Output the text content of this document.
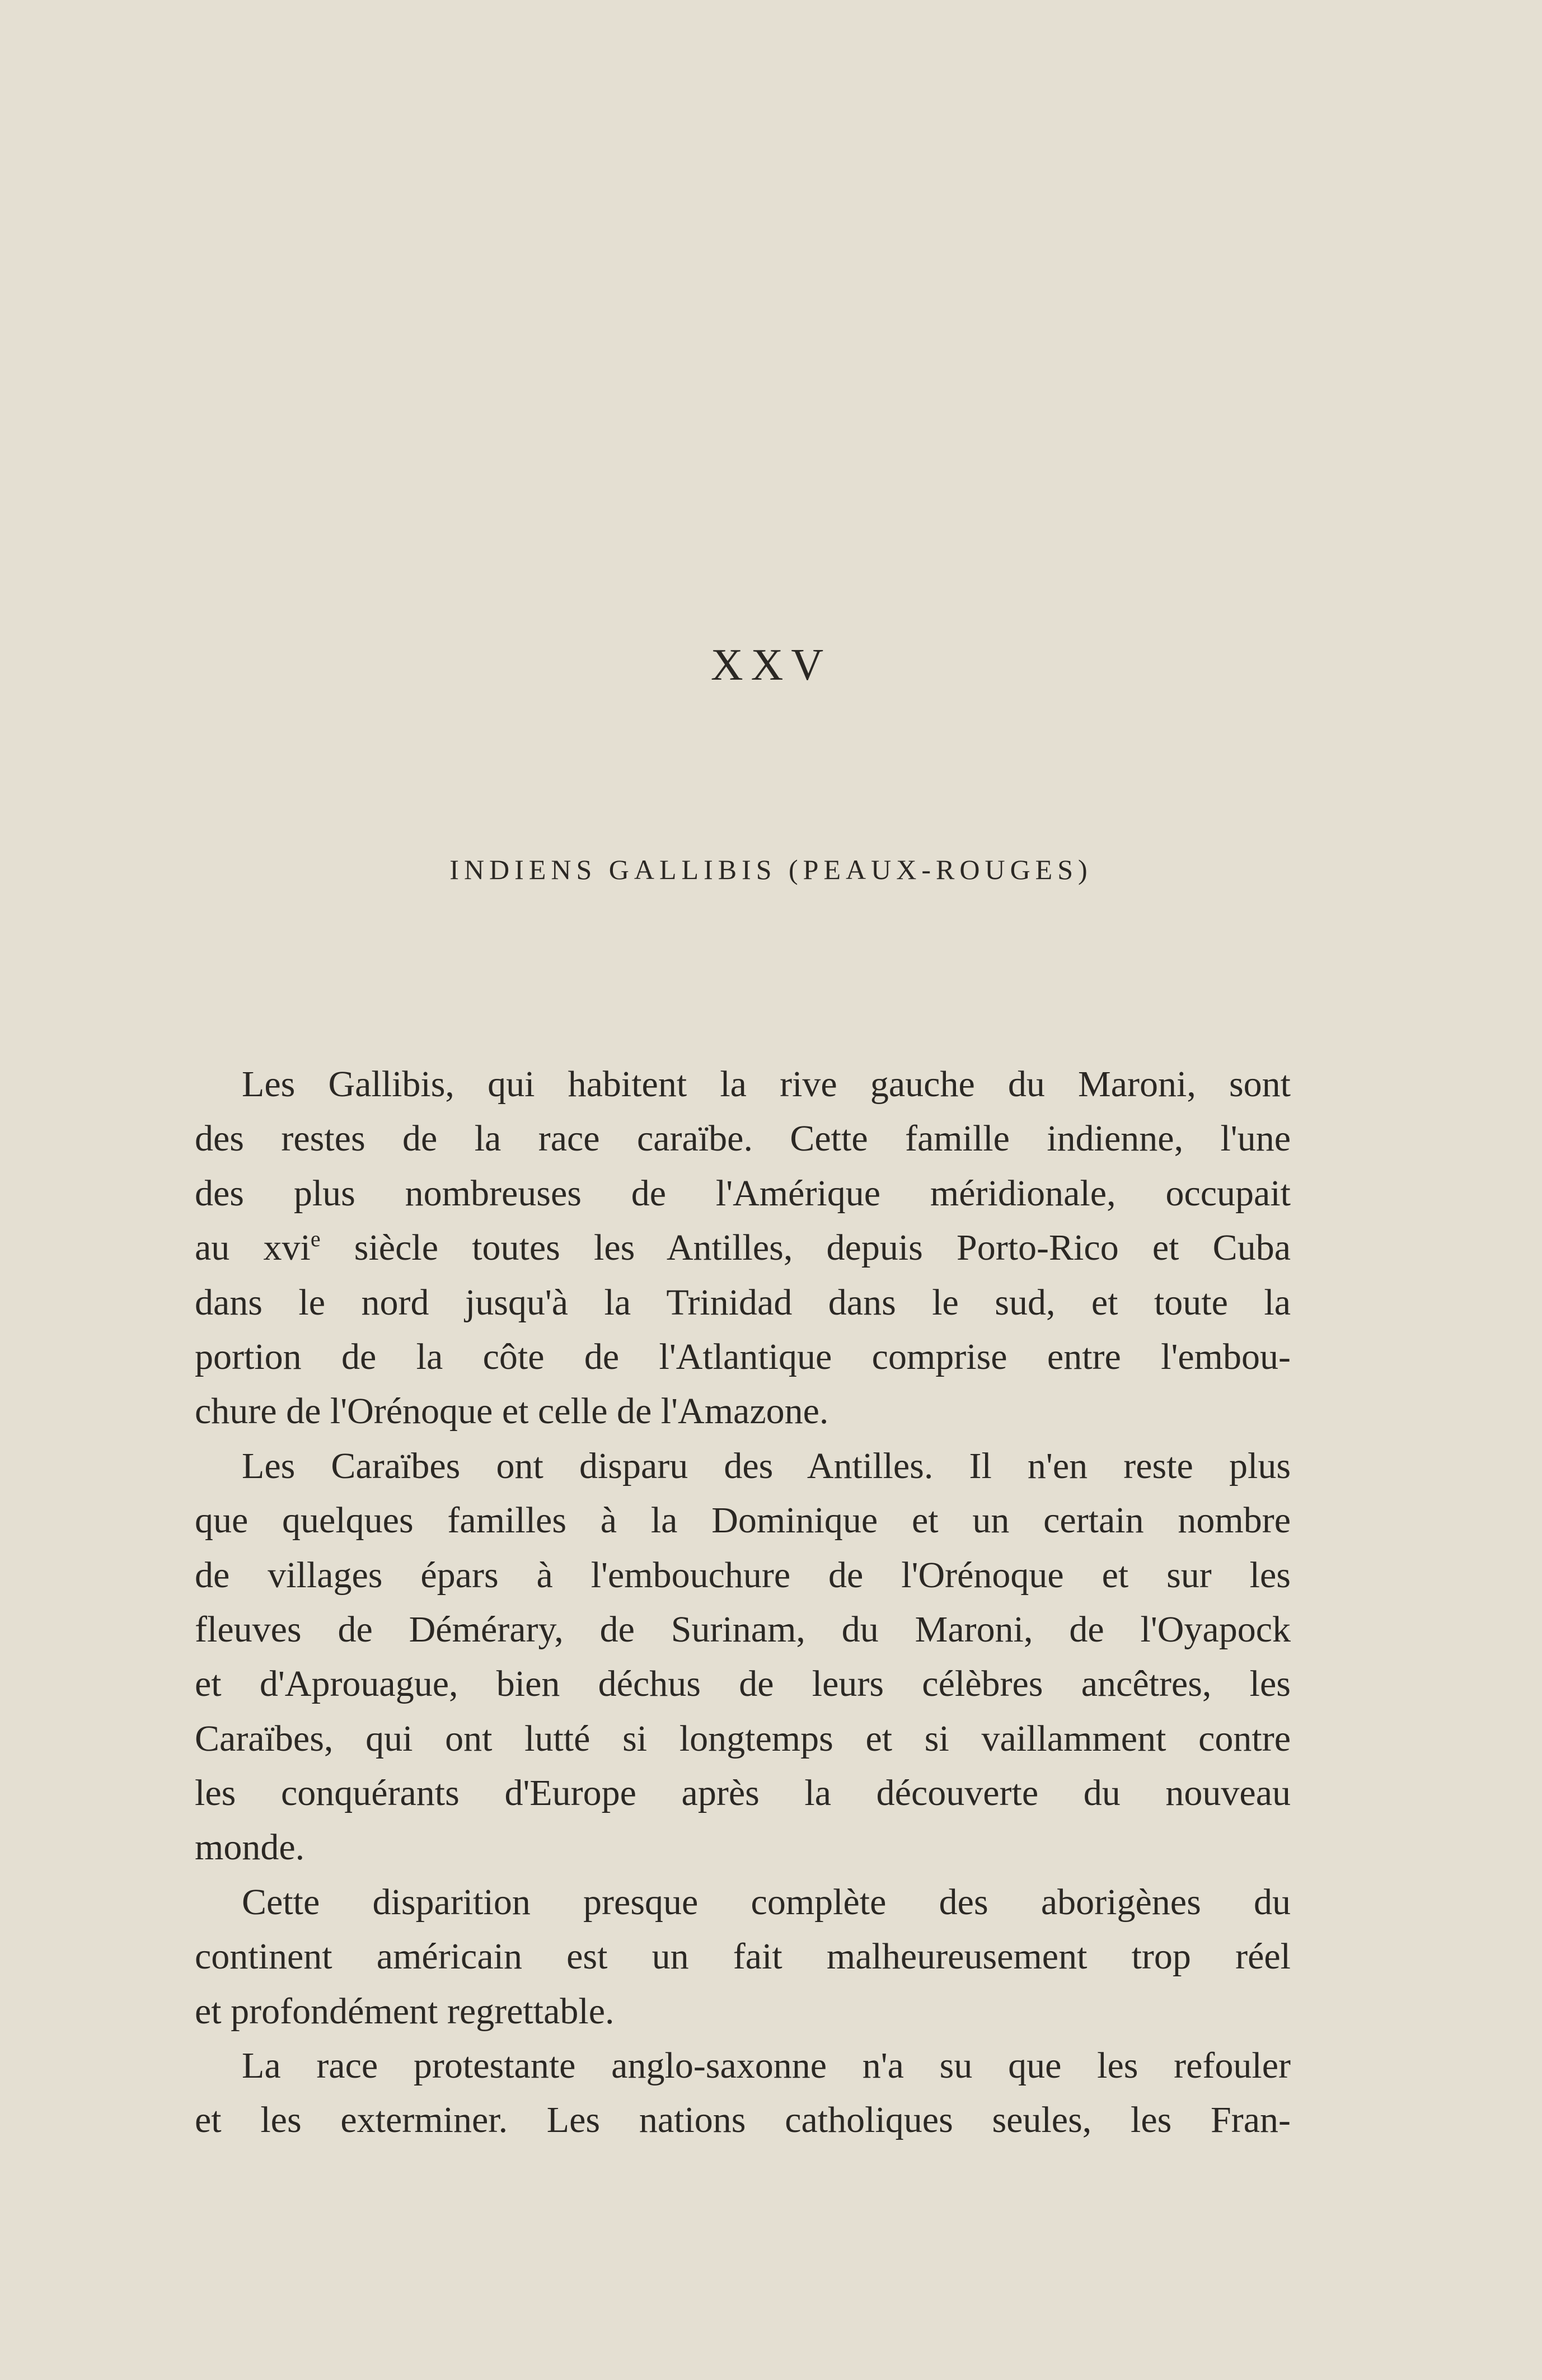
XXV
INDIENS GALLIBIS (PEAUX-ROUGES)
Les Gallibis, qui habitent la rive gauche du Maroni, sont
des restes de la race caraïbe. Cette famille indienne, l'une
des plus nombreuses de l'Amérique méridionale, occupait
au xvi$^e$ siècle toutes les Antilles, depuis Porto-Rico et Cuba
dans le nord jusqu'à la Trinidad dans le sud, et toute la
portion de la côte de l'Atlantique comprise entre l'embou-
chure de l'Orénoque et celle de l'Amazone.
Les Caraïbes ont disparu des Antilles. Il n'en reste plus
que quelques familles à la Dominique et un certain nombre
de villages épars à l'embouchure de l'Orénoque et sur les
fleuves de Démérary, de Surinam, du Maroni, de l'Oyapock
et d'Aprouague, bien déchus de leurs célèbres ancêtres, les
Caraïbes, qui ont lutté si longtemps et si vaillamment contre
les conquérants d'Europe après la découverte du nouveau
monde.
Cette disparition presque complète des aborigènes du
continent américain est un fait malheureusement trop réel
et profondément regrettable.
La race protestante anglo-saxonne n'a su que les refouler
et les exterminer. Les nations catholiques seules, les Fran-
